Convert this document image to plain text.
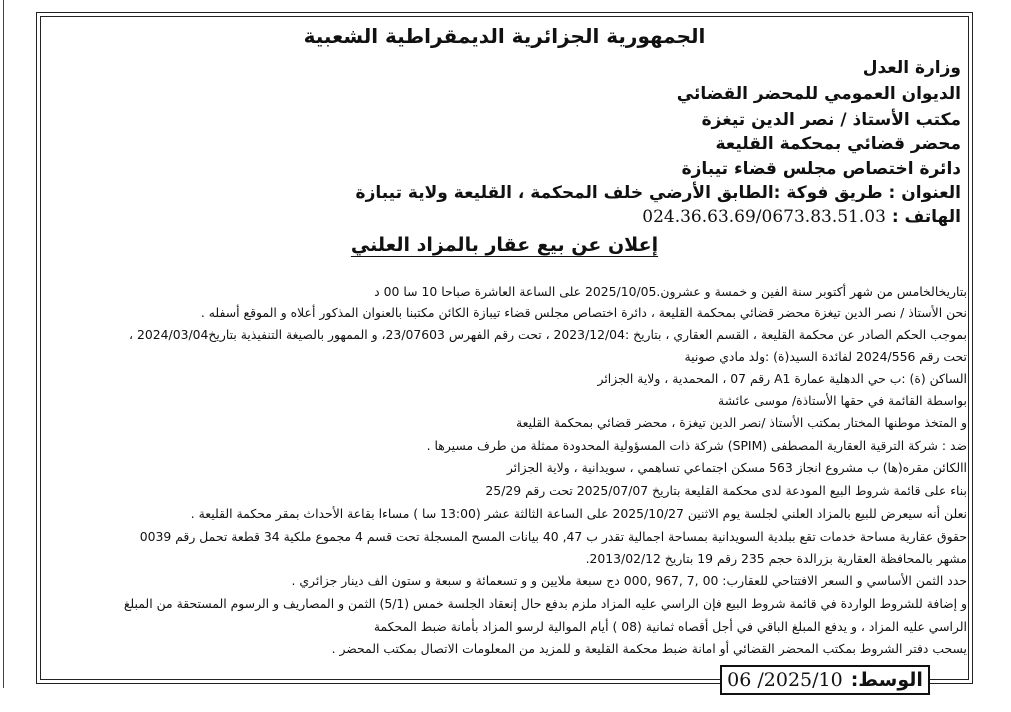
الجمهورية الجزائرية الديمقراطية الشعبية
وزارة العدل
الديوان العمومي للمحضر القضائي
مكتب الأستاذ / نصر الدين تيغزة
محضر قضائي بمحكمة القليعة
دائرة اختصاص مجلس قضاء تيبازة
العنوان : طريق فوكة :الطابق الأرضي خلف المحكمة ، القليعة ولاية تيبازة
الهاتف : 024.36.63.69/0673.83.51.03
إعلان عن بيع عقار بالمزاد العلني
بتاريخالخامس من شهر أكتوبر سنة الفين و خمسة و عشرون.2025/10/05 على الساعة العاشرة صباحا 10 سا 00 د
نحن الأستاذ / نصر الدين تيغزة محضر قضائي بمحكمة القليعة ، دائرة اختصاص مجلس قضاء تيبازة الكائن مكتبنا بالعنوان المذكور أعلاه و الموقع أسفله .
بموجب الحكم الصادر عن محكمة القليعة ، القسم العقاري ، بتاريخ :2023/12/04 ، تحت رقم الفهرس 23/07603، و الممهور بالصيغة التنفيذية بتاريخ2024/03/04 ،
تحت رقم 2024/556 لفائدة السيد(ة) :ولد مادي صونية
الساكن (ة) :ب حي الدهلية عمارة A1 رقم 07 ، المحمدية ، ولاية الجزائر
بواسطة القائمة في حقها الأستاذة/ موسى عائشة
و المتخذ موطنها المختار بمكتب الأستاذ /نصر الدين تيغزة ، محضر قضائي بمحكمة القليعة
ضد : شركة الترقية العقارية المصطفى (SPIM) شركة ذات المسؤولية المحدودة ممثلة من طرف مسيرها .
االكائن مقره(ها) ب مشروع انجاز 563 مسكن اجتماعي تساهمي ، سويدانية ، ولاية الجزائر
بناء على قائمة شروط البيع المودعة لدى محكمة القليعة بتاريخ 2025/07/07 تحت رقم 25/29
نعلن أنه سيعرض للبيع بالمزاد العلني لجلسة يوم الاثنين 2025/10/27 على الساعة الثالثة عشر (13:00 سا ) مساءا بقاعة الأحداث بمقر محكمة القليعة .
حقوق عقارية مساحة خدمات تقع ببلدية السويدانية بمساحة اجمالية تقدر ب 47, 40 بيانات المسح المسجلة تحت قسم 4 مجموع ملكية 34 قطعة تحمل رقم 0039
مشهر بالمحافظة العقارية بزرالدة حجم 235 رقم 19 بتاريخ 2013/02/12.
حدد الثمن الأساسي و السعر الافتتاحي للعقارب: 00 ,7 ,967 ,000 دج سبعة ملايين و و تسعمائة و سبعة و ستون الف دينار جزائري .
و إضافة للشروط الواردة في قائمة شروط البيع فإن الراسي عليه المزاد ملزم بدفع حال إنعقاد الجلسة خمس (5/1) الثمن و المصاريف و الرسوم المستحقة من المبلغ
الراسي عليه المزاد ، و يدفع المبلغ الباقي في أجل أقصاه ثمانية (08 ) أيام الموالية لرسو المزاد بأمانة ضبط المحكمة
يسحب دفتر الشروط بمكتب المحضر القضائي أو امانة ضبط محكمة القليعة و للمزيد من المعلومات الاتصال بمكتب المحضر .
الوسط:
2025/10/ 06
